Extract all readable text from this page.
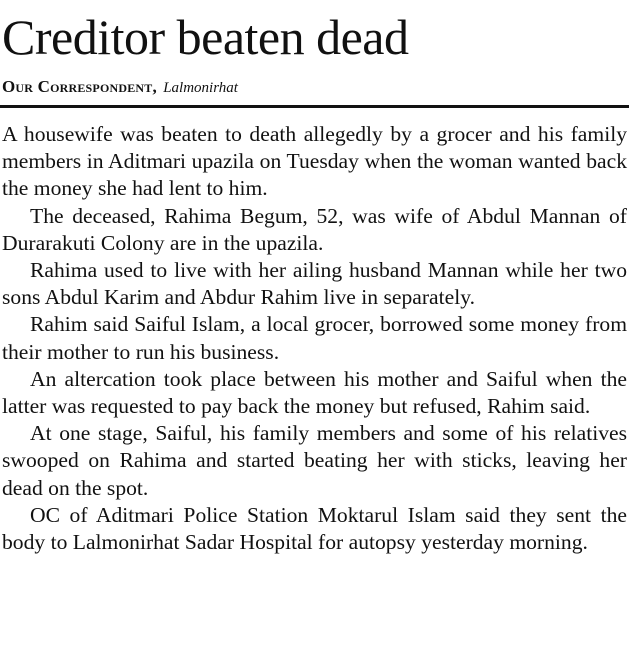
Creditor beaten dead
Our Correspondent, Lalmonirhat

A housewife was beaten to death allegedly by a grocer and his family members in Aditmari upazila on Tuesday when the woman wanted back the money she had lent to him.

The deceased, Rahima Begum, 52, was wife of Abdul Mannan of Durarakuti Colony are in the upazila.

Rahima used to live with her ailing husband Mannan while her two sons Abdul Karim and Abdur Rahim live in separately.

Rahim said Saiful Islam, a local grocer, borrowed some money from their mother to run his business.

An altercation took place between his mother and Saiful when the latter was requested to pay back the money but refused, Rahim said.

At one stage, Saiful, his family members and some of his relatives swooped on Rahima and started beating her with sticks, leaving her dead on the spot.

OC of Aditmari Police Station Moktarul Islam said they sent the body to Lalmonirhat Sadar Hospital for autopsy yesterday morning.
